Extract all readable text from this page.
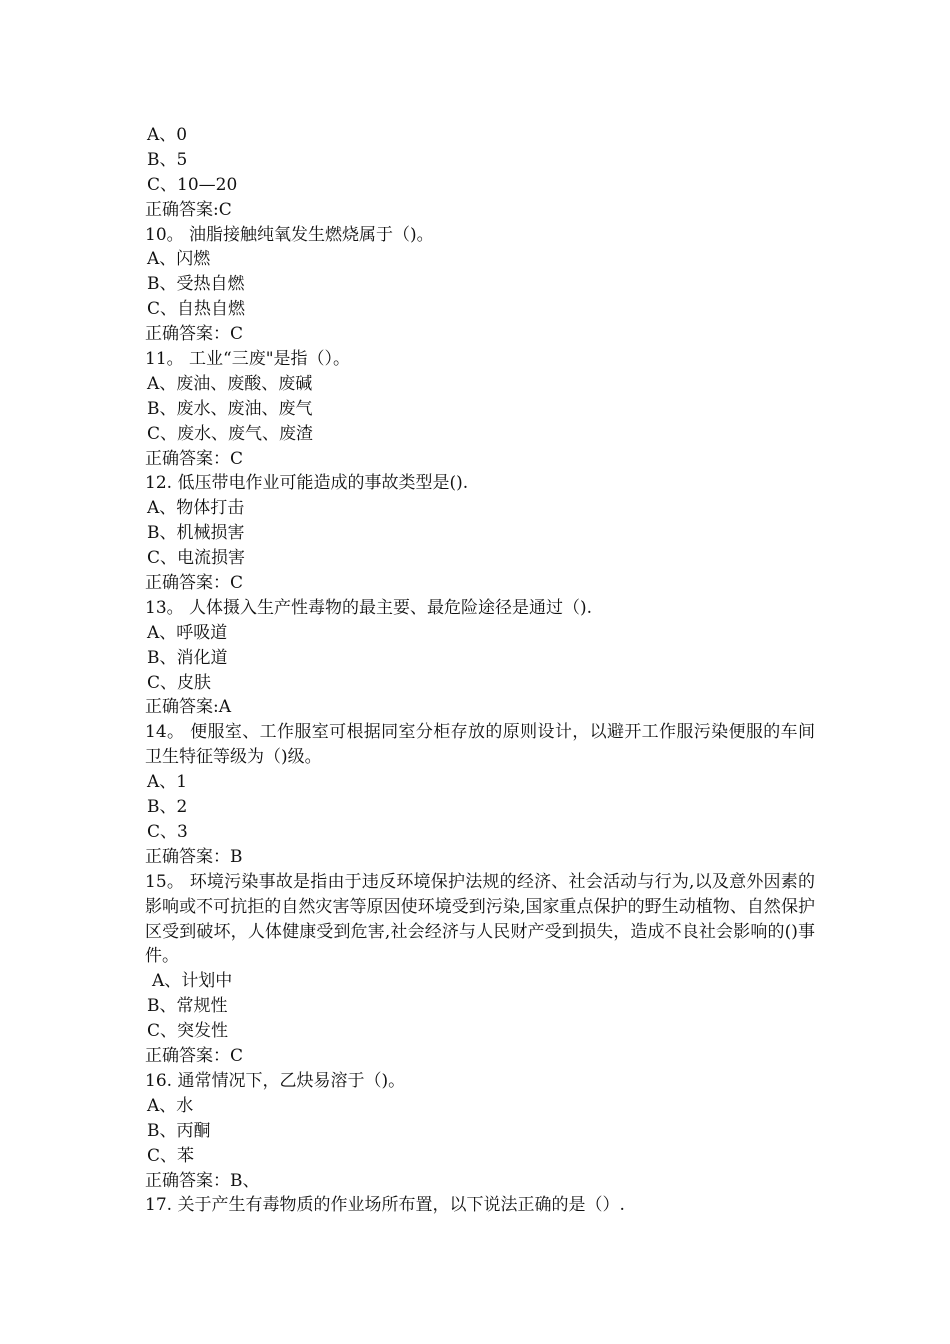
A、0
B、5
C、10—20
正确答案:C
10。 油脂接触纯氧发生燃烧属于（)。
A、闪燃
B、受热自燃
C、自热自燃
正确答案：C
11。 工业“三废"是指（）。
A、废油、废酸、废碱
B、废水、废油、废气
C、废水、废气、废渣
正确答案：C
12. 低压带电作业可能造成的事故类型是().
A、物体打击
B、机械损害
C、电流损害
正确答案：C
13。 人体摄入生产性毒物的最主要、最危险途径是通过（).
A、呼吸道
B、消化道
C、皮肤
正确答案:A
14。 便服室、工作服室可根据同室分柜存放的原则设计，以避开工作服污染便服的车间卫生特征等级为（)级。
A、1
B、2
C、3
正确答案：B
15。 环境污染事故是指由于违反环境保护法规的经济、社会活动与行为,以及意外因素的影响或不可抗拒的自然灾害等原因使环境受到污染,国家重点保护的野生动植物、自然保护区受到破坏，人体健康受到危害,社会经济与人民财产受到损失，造成不良社会影响的()事件。
A、计划中
B、常规性
C、突发性
正确答案：C
16. 通常情况下，乙炔易溶于（)。
A、水
B、丙酮
C、苯
正确答案：B、
17. 关于产生有毒物质的作业场所布置，以下说法正确的是（）.
